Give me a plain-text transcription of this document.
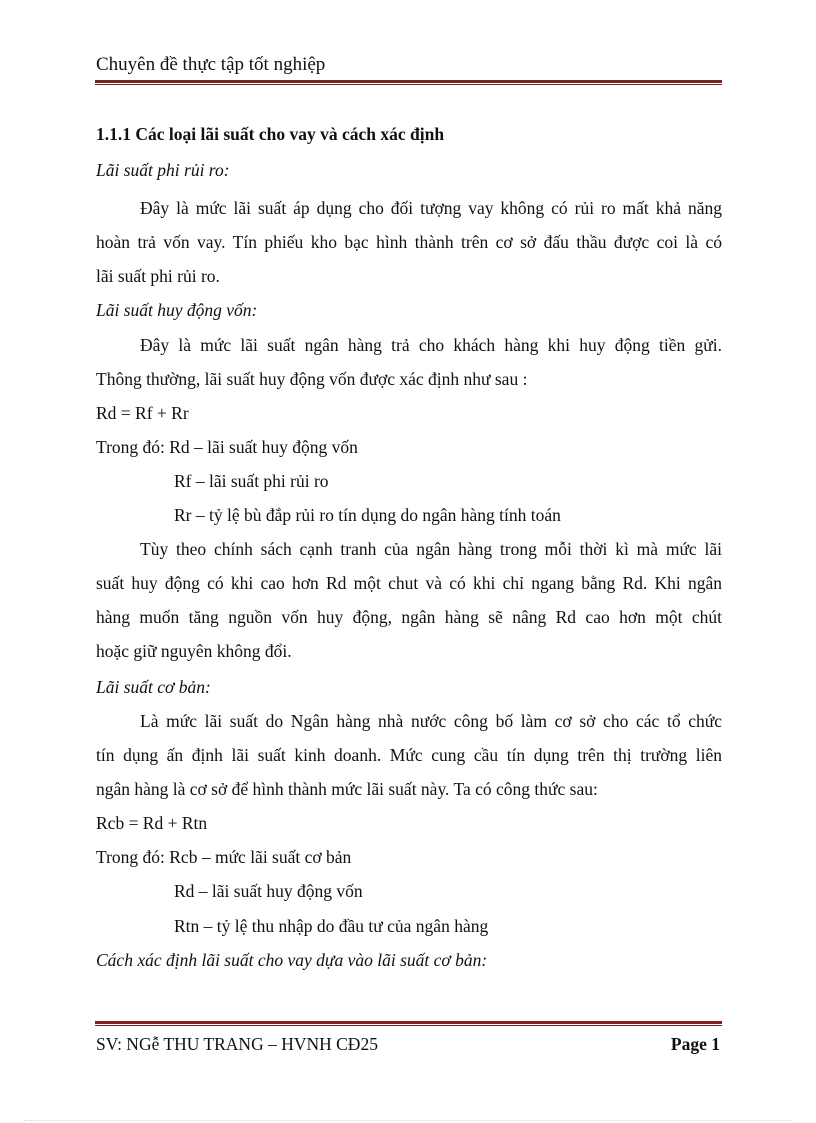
Chuyên đề thực tập tốt nghiệp
1.1.1 Các loại lãi suất cho vay và cách xác định
Lãi suất phi rủi ro:
Đây là mức lãi suất áp dụng cho đối tượng vay không có rủi ro mất khả năng
hoàn trả vốn vay. Tín phiếu kho bạc hình thành trên cơ sở đấu thầu được coi là có
lãi suất phi rủi ro.
Lãi suất huy động vốn:
Đây là mức lãi suất ngân hàng trả cho khách hàng khi huy động tiền gửi.
Thông thường, lãi suất huy động vốn được xác định như sau :
Rd = Rf + Rr
Trong đó: Rd – lãi suất huy động vốn
Rf – lãi suất phi rủi ro
Rr – tỷ lệ bù đắp rủi ro tín dụng do ngân hàng tính toán
Tùy theo chính sách cạnh tranh của ngân hàng trong mỗi thời kì mà mức lãi
suất huy động có khi cao hơn Rd một chut và có khi chỉ ngang bằng Rd. Khi ngân
hàng muốn tăng nguồn vốn huy động, ngân hàng sẽ nâng Rd cao hơn một chút
hoặc giữ nguyên không đổi.
Lãi suất cơ bản:
Là mức lãi suất do Ngân hàng nhà nước công bố làm cơ sở cho các tổ chức
tín dụng ấn định lãi suất kinh doanh. Mức cung cầu tín dụng trên thị trường liên
ngân hàng là cơ sở để hình thành mức lãi suất này. Ta có công thức sau:
Rcb = Rd + Rtn
Trong đó: Rcb – mức lãi suất cơ bản
Rd – lãi suất huy động vốn
Rtn – tỷ lệ thu nhập do đầu tư của ngân hàng
Cách xác định lãi suất cho vay dựa vào lãi suất cơ bản:
SV: NGễ THU TRANG – HVNH CĐ25	Page 1
